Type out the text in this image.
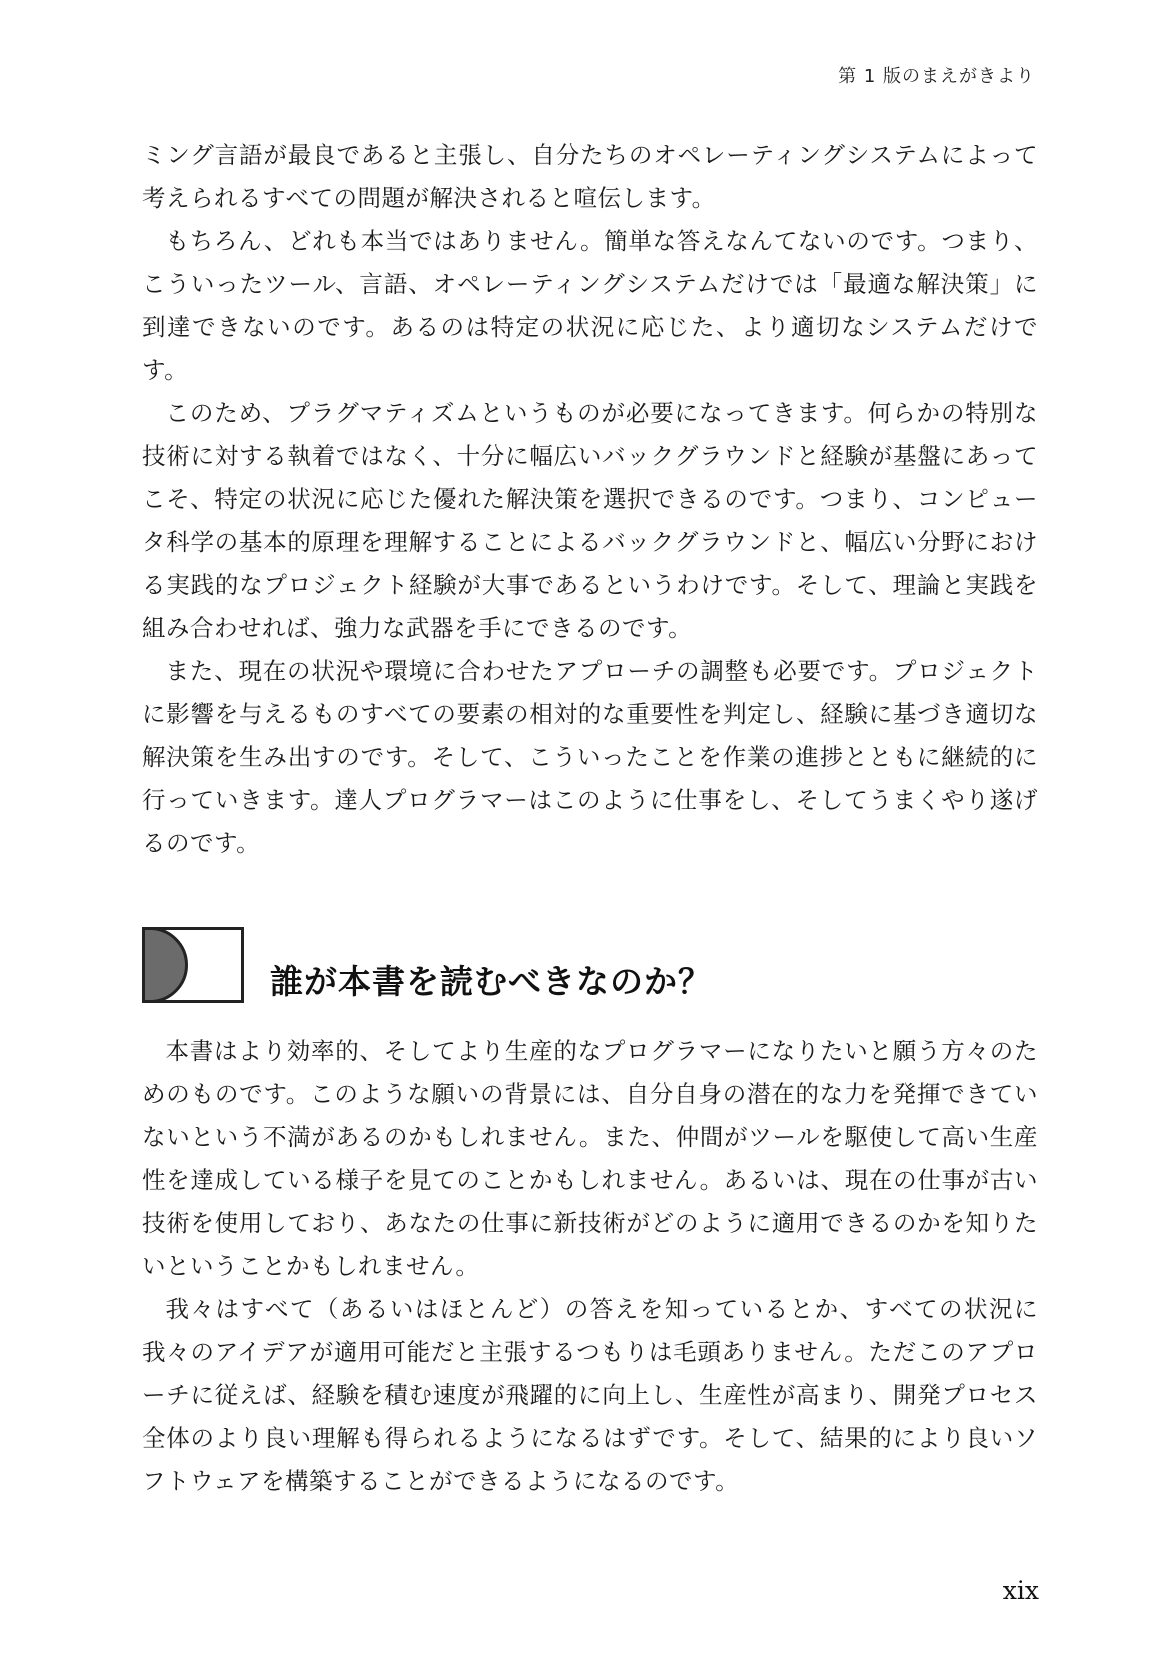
第 1 版のまえがきより

ミング言語が最良であると主張し、自分たちのオペレーティングシステムによって考えられるすべての問題が解決されると喧伝します。

もちろん、どれも本当ではありません。簡単な答えなんてないのです。つまり、こういったツール、言語、オペレーティングシステムだけでは「最適な解決策」に到達できないのです。あるのは特定の状況に応じた、より適切なシステムだけです。

このため、プラグマティズムというものが必要になってきます。何らかの特別な技術に対する執着ではなく、十分に幅広いバックグラウンドと経験が基盤にあってこそ、特定の状況に応じた優れた解決策を選択できるのです。つまり、コンピュータ科学の基本的原理を理解することによるバックグラウンドと、幅広い分野における実践的なプロジェクト経験が大事であるというわけです。そして、理論と実践を組み合わせれば、強力な武器を手にできるのです。

また、現在の状況や環境に合わせたアプローチの調整も必要です。プロジェクトに影響を与えるものすべての要素の相対的な重要性を判定し、経験に基づき適切な解決策を生み出すのです。そして、こういったことを作業の進捗とともに継続的に行っていきます。達人プログラマーはこのように仕事をし、そしてうまくやり遂げるのです。

誰が本書を読むべきなのか？

本書はより効率的、そしてより生産的なプログラマーになりたいと願う方々のためのものです。このような願いの背景には、自分自身の潜在的な力を発揮できていないという不満があるのかもしれません。また、仲間がツールを駆使して高い生産性を達成している様子を見てのことかもしれません。あるいは、現在の仕事が古い技術を使用しており、あなたの仕事に新技術がどのように適用できるのかを知りたいということかもしれません。

我々はすべて（あるいはほとんど）の答えを知っているとか、すべての状況に我々のアイデアが適用可能だと主張するつもりは毛頭ありません。ただこのアプローチに従えば、経験を積む速度が飛躍的に向上し、生産性が高まり、開発プロセス全体のより良い理解も得られるようになるはずです。そして、結果的により良いソフトウェアを構築することができるようになるのです。

xix
